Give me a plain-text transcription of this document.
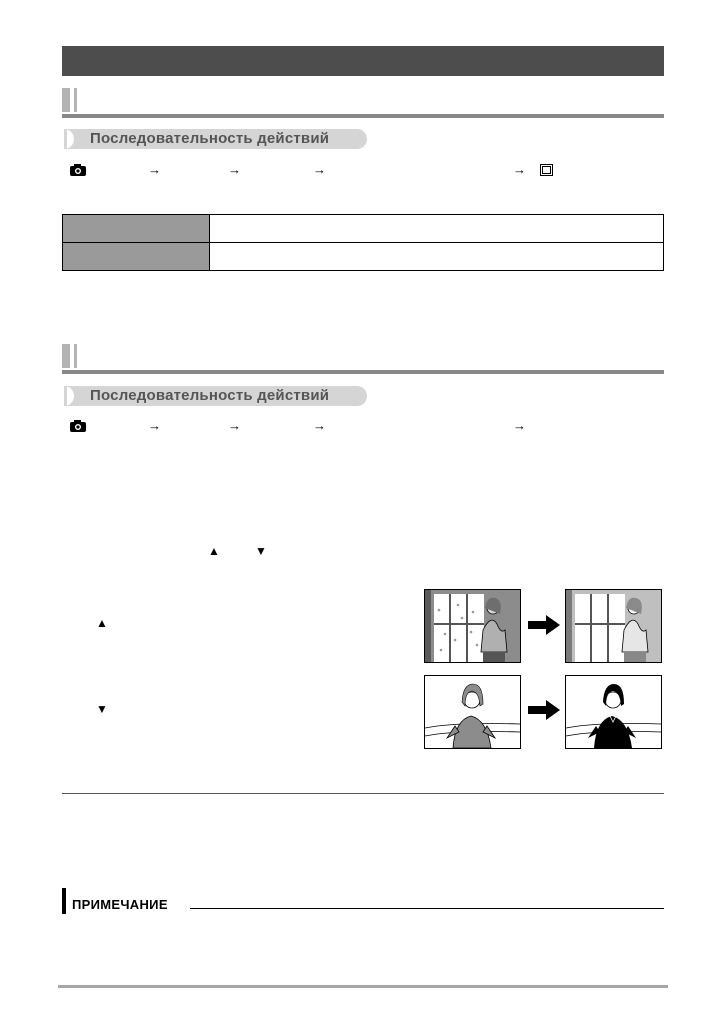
Последовательность действий
→	→	→	→

Последовательность действий
→	→	→	→
▲	▼
▲
▼
ПРИМЕЧАНИЕ
